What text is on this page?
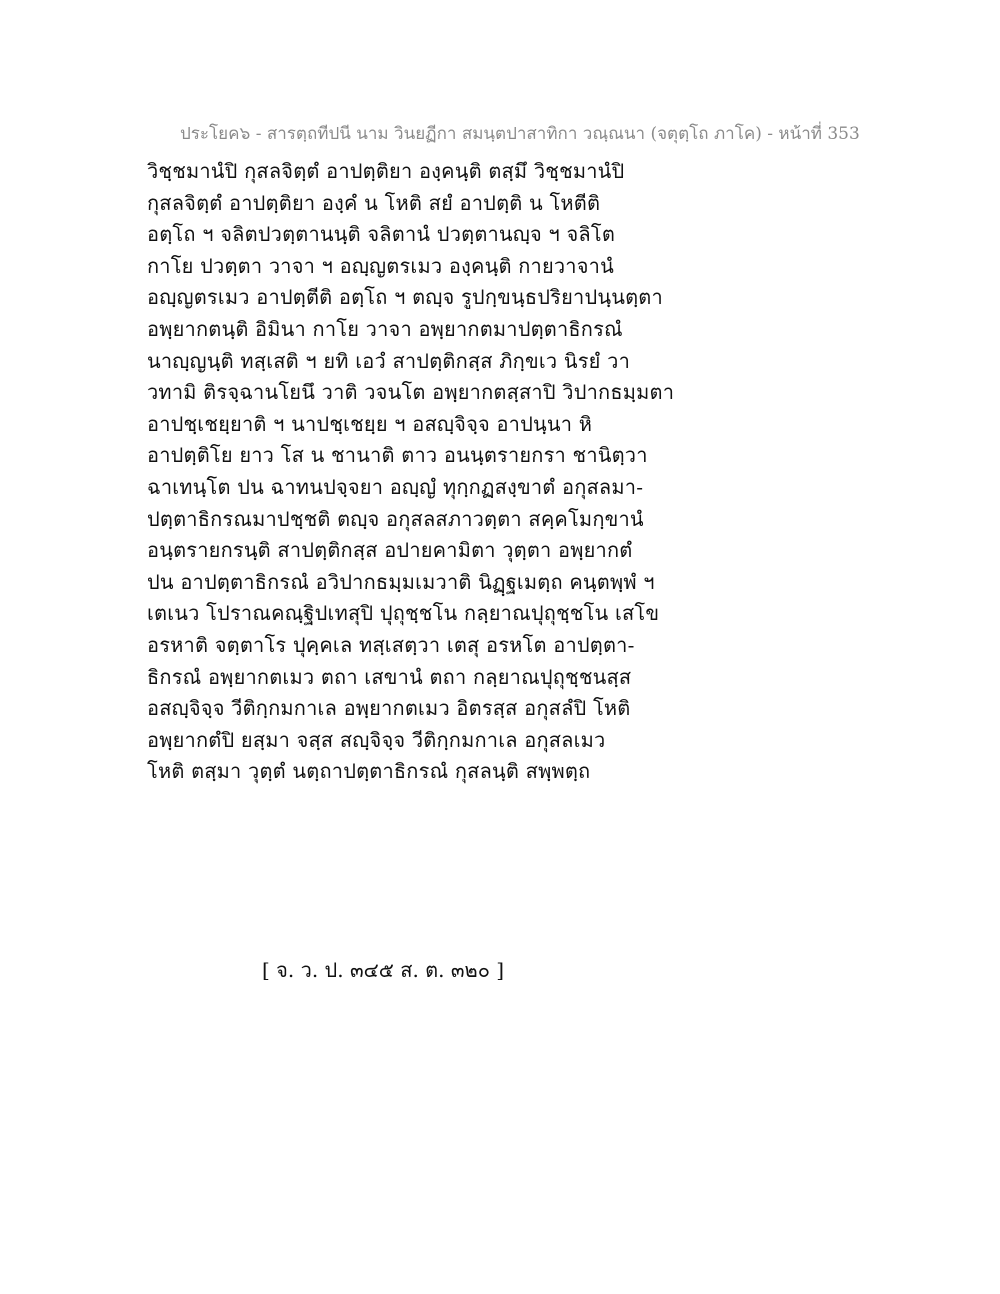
ประโยค๖ - สารตฺถทีปนี นาม วินยฏีกา สมนฺตปาสาทิกา วณฺณนา (จตุตฺโถ ภาโค) - หน้าที่ 353
วิชฺชมานํปิ กุสลจิตฺตํ อาปตฺติยา องฺคนฺติ ตสฺมึ วิชฺชมานํปิ
กุสลจิตฺตํ อาปตฺติยา องฺคํ น โหติ สยํ อาปตฺติ น โหตีติ
อตฺโถ ฯ จลิตปวตฺตานนฺติ จลิตานํ ปวตฺตานญฺจ ฯ จลิโต
กาโย ปวตฺตา วาจา ฯ อญฺญตรเมว องฺคนฺติ กายวาจานํ
อญฺญตรเมว อาปตฺตีติ อตฺโถ ฯ ตญฺจ รูปกฺขนฺธปริยาปนฺนตฺตา
อพฺยากตนฺติ อิมินา กาโย วาจา อพฺยากตมาปตฺตาธิกรณํ
นาญฺญนฺติ ทสฺเสติ ฯ ยทิ เอวํ สาปตฺติกสฺส ภิกฺขเว นิรยํ วา
วทามิ ติรจฺฉานโยนึ วาติ วจนโต อพฺยากตสฺสาปิ วิปากธมฺมตา
อาปชฺเชยฺยาติ ฯ นาปชฺเชยฺย ฯ อสญฺจิจฺจ อาปนฺนา หิ
อาปตฺติโย ยาว โส น ชานาติ ตาว อนนฺตรายกรา ชานิตฺวา
ฉาเทนฺโต ปน ฉาทนปจฺจยา อญฺญํ ทุกฺกฏสงฺขาตํ อกุสลมา-
ปตฺตาธิกรณมาปชฺชติ ตญฺจ อกุสลสภาวตฺตา สคฺคโมกฺขานํ
อนฺตรายกรนฺติ สาปตฺติกสฺส อปายคามิตา วุตฺตา อพฺยากตํ
ปน อาปตฺตาธิกรณํ อวิปากธมฺมเมวาติ นิฏฺฐเมตฺถ คนฺตพฺพํ ฯ
เตเนว โปราณคณฺฐิปเทสุปิ ปุถุชฺชโน กลฺยาณปุถุชฺชโน เสโข
อรหาติ จตฺตาโร ปุคฺคเล ทสฺเสตฺวา เตสุ อรหโต อาปตฺตา-
ธิกรณํ อพฺยากตเมว ตถา เสขานํ ตถา กลฺยาณปุถุชฺชนสฺส
อสญฺจิจฺจ วีติกฺกมกาเล อพฺยากตเมว อิตรสฺส อกุสลํปิ โหติ
อพฺยากตํปิ ยสฺมา จสฺส สญฺจิจฺจ วีติกฺกมกาเล อกุสลเมว
โหติ ตสฺมา วุตฺตํ นตฺถาปตฺตาธิกรณํ กุสลนฺติ สพฺพตฺถ
[ จ. ว. ป. ๓๔๕ ส. ต. ๓๒๐ ]
